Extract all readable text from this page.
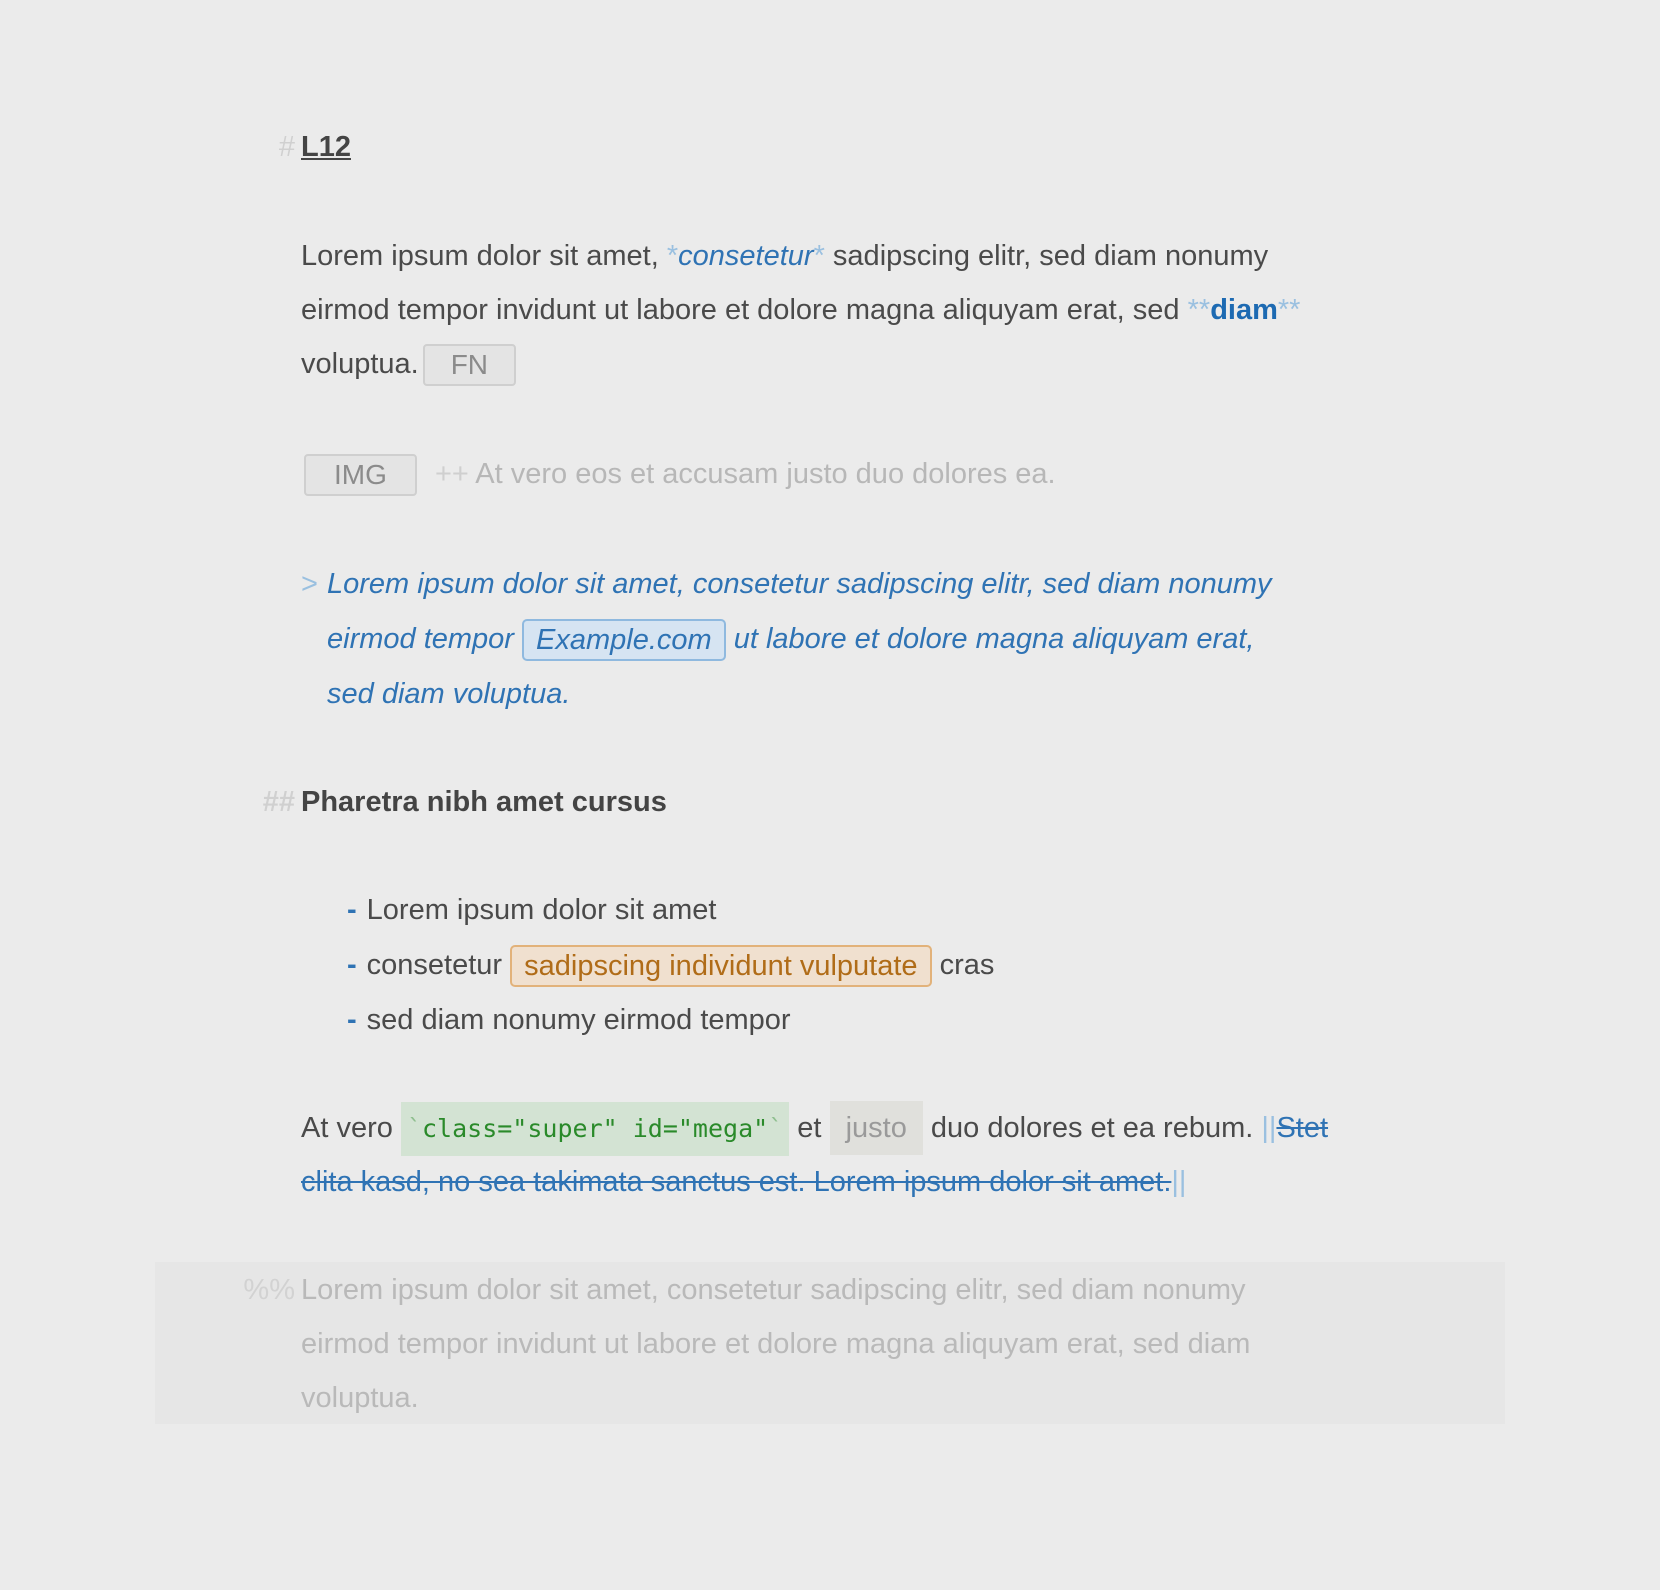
# L12
Lorem ipsum dolor sit amet, *consetetur* sadipscing elitr, sed diam nonumy
eirmod tempor invidunt ut labore et dolore magna aliquyam erat, sed **diam**
voluptua. FN
IMG ++ At vero eos et accusam justo duo dolores ea.
> Lorem ipsum dolor sit amet, consetetur sadipscing elitr, sed diam nonumy
eirmod tempor Example.com ut labore et dolore magna aliquyam erat,
sed diam voluptua.
## Pharetra nibh amet cursus
- Lorem ipsum dolor sit amet
- consetetur sadipscing individunt vulputate cras
- sed diam nonumy eirmod tempor
At vero `class="super" id="mega"` et justo duo dolores et ea rebum. ||Stet
clita kasd, no sea takimata sanctus est. Lorem ipsum dolor sit amet.||
%% Lorem ipsum dolor sit amet, consetetur sadipscing elitr, sed diam nonumy
eirmod tempor invidunt ut labore et dolore magna aliquyam erat, sed diam
voluptua.
